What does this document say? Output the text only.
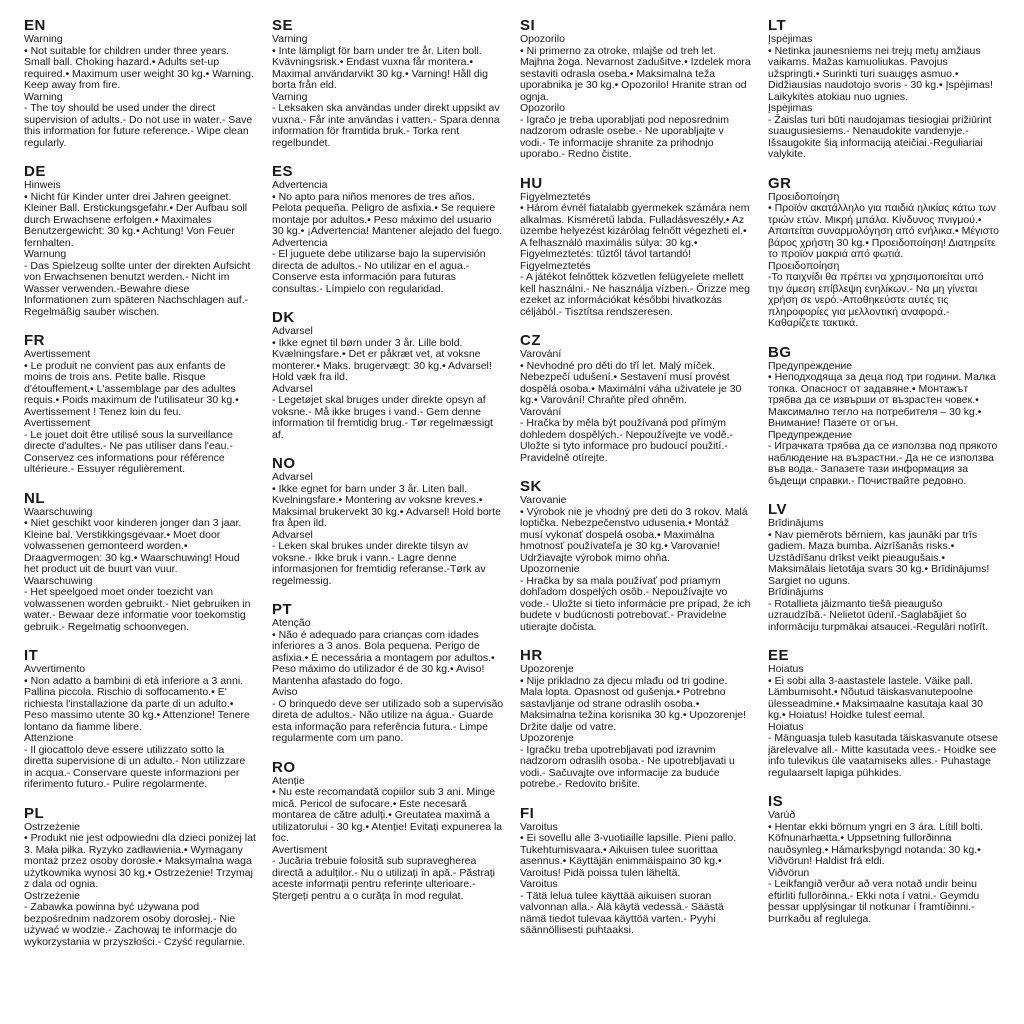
EN
Warning
• Not suitable for children under three years. Small ball. Choking hazard.• Adults set-up required.• Maximum user weight 30 kg.• Warning. Keep away from fire.
Warning
- The toy should be used under the direct supervision of adults.- Do not use in water.- Save this information for future reference.- Wipe clean regularly.
DE
Hinweis
• Nicht für Kinder unter drei Jahren geeignet. Kleiner Ball. Erstickungsgefahr.• Der Aufbau soll durch Erwachsene erfolgen.• Maximales Benutzergewicht: 30 kg.• Achtung! Von Feuer fernhalten.
Warnung
- Das Spielzeug sollte unter der direkten Aufsicht von Erwachsenen benutzt werden.- Nicht im Wasser verwenden.-Bewahre diese Informationen zum späteren Nachschlagen auf.-Regelmäßig sauber wischen.
FR
Avertissement
• Le produit ne convient pas aux enfants de moins de trois ans. Petite balle. Risque d'étouffement.• L'assemblage par des adultes requis.• Poids maximum de l'utilisateur 30 kg.• Avertissement ! Tenez loin du feu.
Avertissement
- Le jouet doit être utilisé sous la surveillance directe d'adultes.- Ne pas utiliser dans l'eau.- Conservez ces informations pour référence ultérieure.- Essuyer régulièrement.
NL
Waarschuwing
• Niet geschikt voor kinderen jonger dan 3 jaar. Kleine bal. Verstikkingsgevaar.• Moet door volwassenen gemonteerd worden.• Draagvermogen: 30 kg.• Waarschuwing! Houd het product uit de buurt van vuur.
Waarschuwing
- Het speelgoed moet onder toezicht van volwassenen worden gebruikt.- Niet gebruiken in water.- Bewaar deze informatie voor toekomstig gebruik.- Regelmatig schoonvegen.
IT
Avvertimento
• Non adatto a bambini di età inferiore a 3 anni. Pallina piccola. Rischio di soffocamento.• E' richiesta l'installazione da parte di un adulto.• Peso massimo utente 30 kg.• Attenzione! Tenere lontano da fiamme libere.
Attenzione
- Il giocattolo deve essere utilizzato sotto la diretta supervisione di un adulto.- Non utilizzare in acqua.- Conservare queste informazioni per riferimento futuro.- Pulire regolarmente.
PL
Ostrzeżenie
• Produkt nie jest odpowiedni dla dzieci poniżej lat 3. Mała piłka. Ryzyko zadławienia.• Wymagany montaż przez osoby dorosłe.• Maksymalna waga użytkownika wynosi 30 kg.• Ostrzeżenie! Trzymaj z dala od ognia.
Ostrzeżenie
- Zabawka powinna być używana pod bezpośrednim nadzorem osoby dorosłej.- Nie używać w wodzie.- Zachowaj te informacje do wykorzystania w przyszłości.- Czyść regularnie.
SE
Varning
• Inte lämpligt för barn under tre år. Liten boll. Kvävningsrisk.• Endast vuxna får montera.• Maximal användarvikt 30 kg.• Varning! Håll dig borta från eld.
Varning
- Leksaken ska användas under direkt uppsikt av vuxna.- Får inte användas i vatten.- Spara denna information för framtida bruk.- Torka rent regelbundet.
ES
Advertencia
• No apto para niños menores de tres años. Pelota pequeña. Peligro de asfixia.• Se requiere montaje por adultos.• Peso máximo del usuario 30 kg.• ¡Advertencia! Mantener alejado del fuego.
Advertencia
- El juguete debe utilizarse bajo la supervisión directa de adultos.- No utilizar en el agua.- Conserve esta información para futuras consultas.- Límpielo con regularidad.
DK
Advarsel
• Ikke egnet til børn under 3 år. Lille bold. Kvælningsfare.• Det er påkræt vet, at voksne monterer.• Maks. brugervægt: 30 kg.• Advarsel! Hold væk fra ild.
Advarsel
- Legetøjet skal bruges under direkte opsyn af voksne.- Må ikke bruges i vand.- Gem denne information til fremtidig brug.- Tør regelmæssigt af.
NO
Advarsel
• Ikke egnet for barn under 3 år. Liten ball. Kvelningsfare.• Montering av voksne kreves.• Maksimal brukervekt 30 kg.• Advarsel! Hold borte fra åpen ild.
Advarsel
- Leken skal brukes under direkte tilsyn av voksne.- Ikke bruk i vann.- Lagre denne informasjonen for fremtidig referanse.-Tørk av regelmessig.
PT
Atenção
• Não é adequado para crianças com idades inferiores a 3 anos. Bola pequena. Perigo de asfixia.• É necessária a montagem por adultos.• Peso máximo do utilizador é de 30 kg.• Aviso! Mantenha afastado do fogo.
Aviso
- O brinquedo deve ser utilizado sob a supervisão direta de adultos.- Não utilize na água.- Guarde esta informação para referência futura.- Limpe regularmente com um pano.
RO
Atenție
• Nu este recomandată copiilor sub 3 ani. Minge mică. Pericol de sufocare.• Este necesară montarea de către adulți.• Greutatea maximă a utilizatorului - 30 kg.• Atenție! Evitați expunerea la foc.
Avertisment
- Jucăria trebuie folosită sub supravegherea directă a adulților.- Nu o utilizați în apă.- Păstrați aceste informații pentru referințe ulterioare.- Ștergeți pentru a o curăța în mod regulat.
SI
Opozorilo
• Ni primerno za otroke, mlajše od treh let. Majhna žoga. Nevarnost zadušitve.• Izdelek mora sestaviti odrasla oseba.• Maksimalna teža uporabnika je 30 kg.• Opozorilo! Hranite stran od ognja.
Opozorilo
- Igračo je treba uporabljati pod neposrednim nadzorom odrasle osebe.- Ne uporabljajte v vodi.- Te informacije shranite za prihodnjo uporabo.- Redno čistite.
HU
Figyelmeztetés
• Három évnél fiatalabb gyermekek számára nem alkalmas. Kisméretű labda. Fulladásveszély.• Az üzembe helyezést kizárólag felnőtt végezheti el.• A felhasználó maximális súlya: 30 kg.• Figyelmeztetés: tűztől távol tartandó!
Figyelmeztetés
- A játékot felnőttek közvetlen felügyelete mellett kell használni.- Ne használja vízben.- Őrizze meg ezeket az információkat későbbi hivatkozás céljából.- Tisztítsa rendszeresen.
CZ
Varování
• Nevhodné pro děti do tří let. Malý míček. Nebezpečí udušení.• Sestavení musí provést dospělá osoba.• Maximální váha uživatele je 30 kg.• Varování! Chraňte před ohněm.
Varování
- Hračka by měla být používaná pod přímým dohledem dospělých.- Nepoužívejte ve vodě.- Uložte si tyto informace pro budoucí použití.- Pravidelně otírejte.
SK
Varovanie
• Výrobok nie je vhodný pre deti do 3 rokov. Malá loptička. Nebezpečenstvo udusenia.• Montáž musí vykonať dospelá osoba.• Maximálna hmotnosť používateľa je 30 kg.• Varovanie! Udržiavajte výrobok mimo ohňa.
Upozornenie
- Hračka by sa mala používať pod priamym dohľadom dospelých osôb.- Nepoužívajte vo vode.- Uložte si tieto informácie pre prípad, že ich budete v budúcnosti potrebovať.- Pravidelne utierajte dočista.
HR
Upozorenje
• Nije prikladno za djecu mlađu od tri godine. Mala lopta. Opasnost od gušenja.• Potrebno sastavljanje od strane odraslih osoba.• Maksimalna težina korisnika 30 kg.• Upozorenje! Držite dalje od vatre.
Upozorenje
- Igračku treba upotrebljavati pod izravnim nadzorom odraslih osoba.- Ne upotrebljavati u vodi.- Sačuvajte ove informacije za buduće potrebe.- Redovito brišite.
FI
Varoitus
• Ei sovellu alle 3-vuotiaille lapsille. Pieni pallo. Tukehtumisvaara.• Aikuisen tulee suorittaa asennus.• Käyttäjän enimmäispaino 30 kg.• Varoitus! Pidä poissa tulen läheltä.
Varoitus
- Tätä lelua tulee käyttää aikuisen suoran valvonnan alla.- Älä käytä vedessä.- Säästä nämä tiedot tulevaa käyttöä varten.- Pyyhi säännöllisesti puhtaaksi.
LT
Įspėjimas
• Netinka jaunesniems nei trejų metų amžiaus vaikams. Mažas kamuoliukas. Pavojus užspringti.• Surinkti turi suaugęs asmuo.• Didžiausias naudotojo svoris - 30 kg.• Įspėjimas! Laikykitės atokiau nuo ugnies.
Įspėjimas
- Žaislas turi būti naudojamas tiesiogiai prižiūrint suaugusiesiems.- Nenaudokite vandenyje.-Išsaugokite šią informaciją ateičiai.-Reguliariai valykite.
GR
Προειδοποίηση
• Προϊόν ακατάλληλο για παιδιά ηλικίας κάτω των τριών ετών. Μικρή μπάλα. Κίνδυνος πνιγμού.• Απαιτείται συναρμολόγηση από ενήλικα.• Μέγιστο βάρος χρήστη 30 kg.• Προειδοποίηση! Διατηρείτε το προϊόν μακριά από φωτιά.
Προειδοποίηση
-Το παιχνίδι θα πρέπει να χρησιμοποιείται υπό την άμεση επίβλεψη ενηλίκων.- Να μη γίνεται χρήση σε νερό.-Αποθηκεύστε αυτές τις πληροφορίες για μελλοντική αναφορά.-Καθαρίζετε τακτικά.
BG
Предупреждение
• Неподходяща за деца под три години. Малка топка. Опасност от задавяне.• Монтажът трябва да се извърши от възрастен човек.• Максимално тегло на потребителя – 30 kg.• Внимание! Пазете от огън.
Предупреждение
- Играчката трябва да се използва под прякото наблюдение на възрастни.- Да не се използва във вода.- Запазете тази информация за бъдещи справки.- Почиствайте редовно.
LV
Brīdinājums
• Nav piemērots bērniem, kas jaunāki par trīs gadiem. Maza bumba. Aizrīšanās risks.• Uzstādīšanu drīkst veikt pieaugušais.• Maksimālais lietotāja svars 30 kg.• Brīdinājums! Sargiet no uguns.
Brīdinājums
- Rotallieta jāizmanto tiešā pieaugušo uzraudzībā.- Nelietot ūdenī.-Saglabājiet šo informāciju turpmākai atsaucei.-Regulāri notīrīt.
EE
Hoiatus
• Ei sobi alla 3-aastastele lastele. Väike pall. Lämbumisoht.• Nõutud täiskasvanutepoolne ülesseadmine.• Maksimaalne kasutaja kaal 30 kg.• Hoiatus! Hoidke tulest eemal.
Hoiatus
- Mänguasja tuleb kasutada täiskasvanute otsese järelevalve all.- Mitte kasutada vees.- Hoidke see info tulevikus üle vaatamiseks alles.- Puhastage regulaarselt lapiga pühkides.
IS
Varúð
• Hentar ekki börnum yngri en 3 ára. Lítill bolti. Köfnunarhætta.• Uppsetning fullorðinna nauðsynleg.• Hámarksþyngd notanda: 30 kg.• Viðvörun! Haldist frá eldi.
Viðvörun
- Leikfangið verður að vera notað undir beinu eftirliti fullorðinna.- Ekki nota í vatni.- Geymdu þessar upplýsingar til notkunar í framtíðinni.- Þurrkaðu af reglulega.
